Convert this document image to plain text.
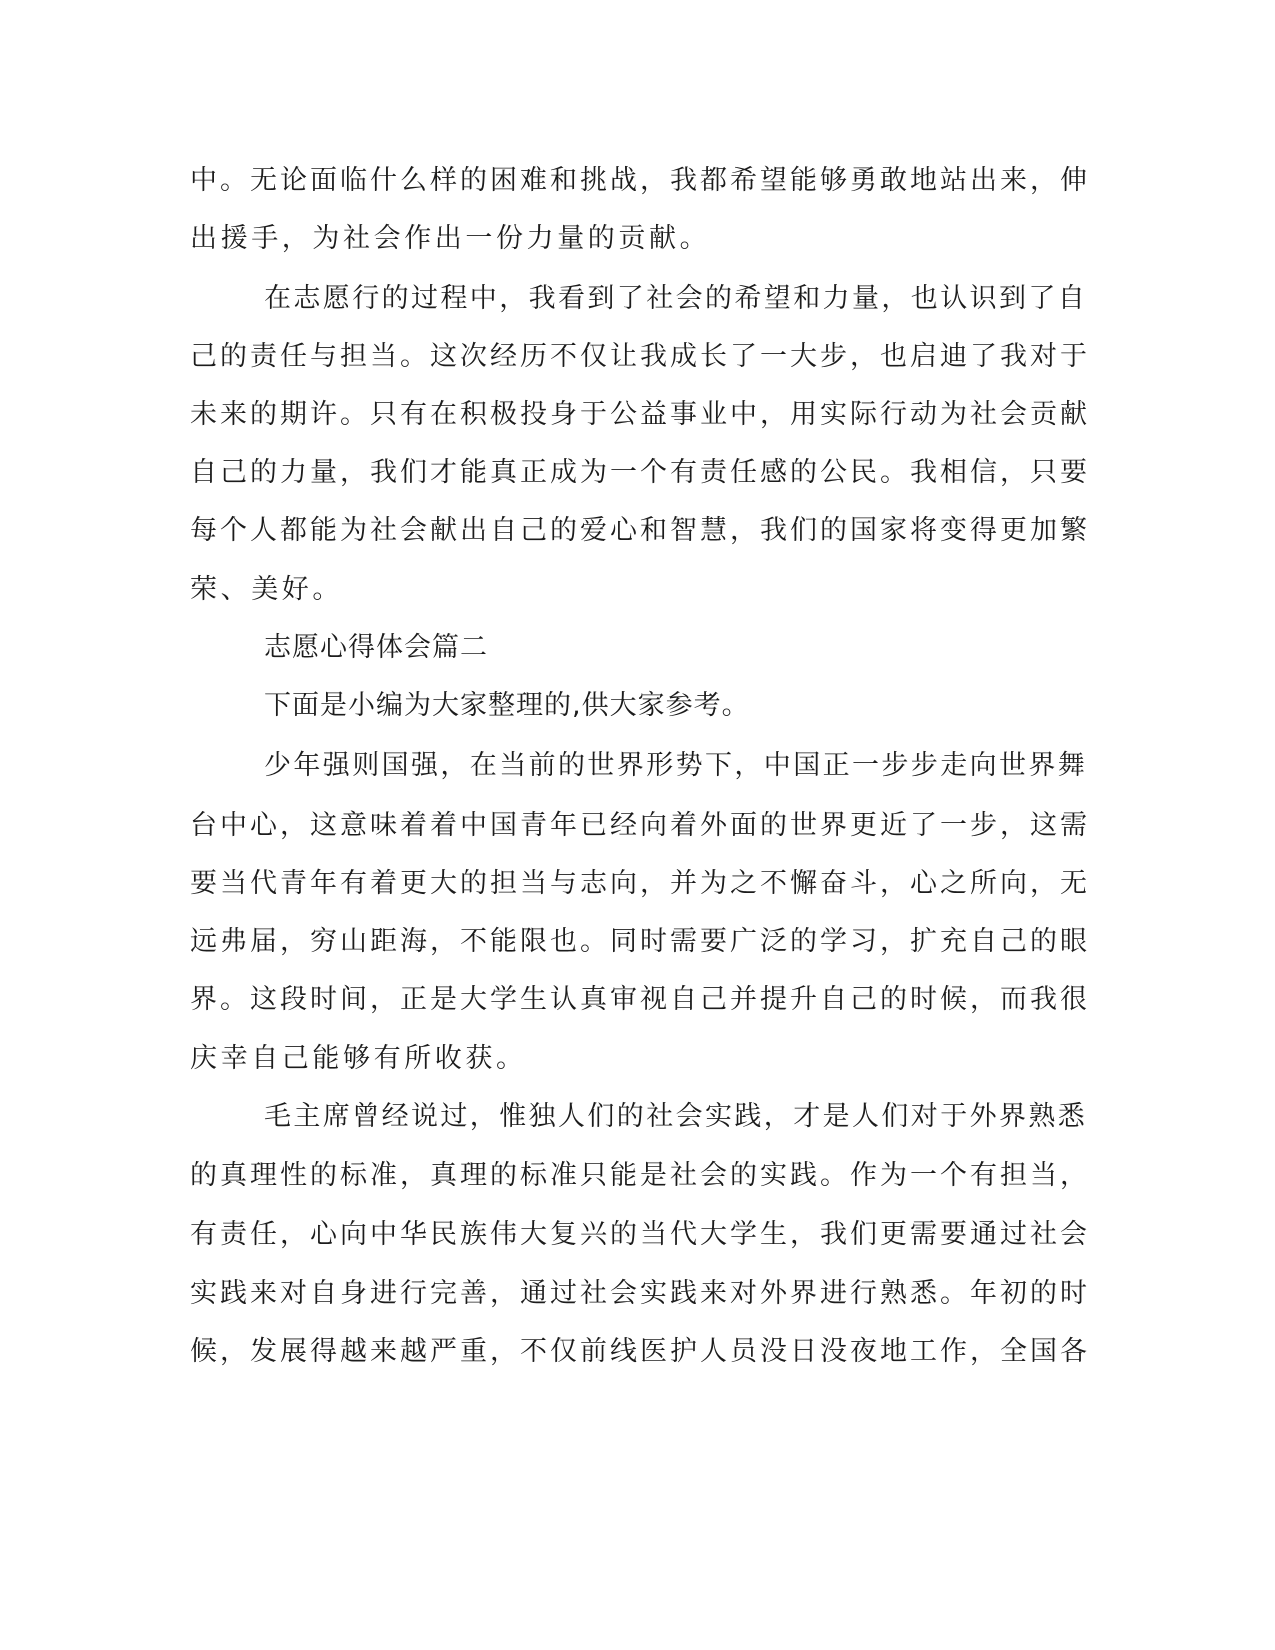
中。无论面临什么样的困难和挑战，我都希望能够勇敢地站出来，伸
出援手，为社会作出一份力量的贡献。
在志愿行的过程中，我看到了社会的希望和力量，也认识到了自
己的责任与担当。这次经历不仅让我成长了一大步，也启迪了我对于
未来的期许。只有在积极投身于公益事业中，用实际行动为社会贡献
自己的力量，我们才能真正成为一个有责任感的公民。我相信，只要
每个人都能为社会献出自己的爱心和智慧，我们的国家将变得更加繁
荣、美好。
志愿心得体会篇二
下面是小编为大家整理的,供大家参考。
少年强则国强，在当前的世界形势下，中国正一步步走向世界舞
台中心，这意味着着中国青年已经向着外面的世界更近了一步，这需
要当代青年有着更大的担当与志向，并为之不懈奋斗，心之所向，无
远弗届，穷山距海，不能限也。同时需要广泛的学习，扩充自己的眼
界。这段时间，正是大学生认真审视自己并提升自己的时候，而我很
庆幸自己能够有所收获。
毛主席曾经说过，惟独人们的社会实践，才是人们对于外界熟悉
的真理性的标准，真理的标准只能是社会的实践。作为一个有担当，
有责任，心向中华民族伟大复兴的当代大学生，我们更需要通过社会
实践来对自身进行完善，通过社会实践来对外界进行熟悉。年初的时
候，发展得越来越严重，不仅前线医护人员没日没夜地工作，全国各
